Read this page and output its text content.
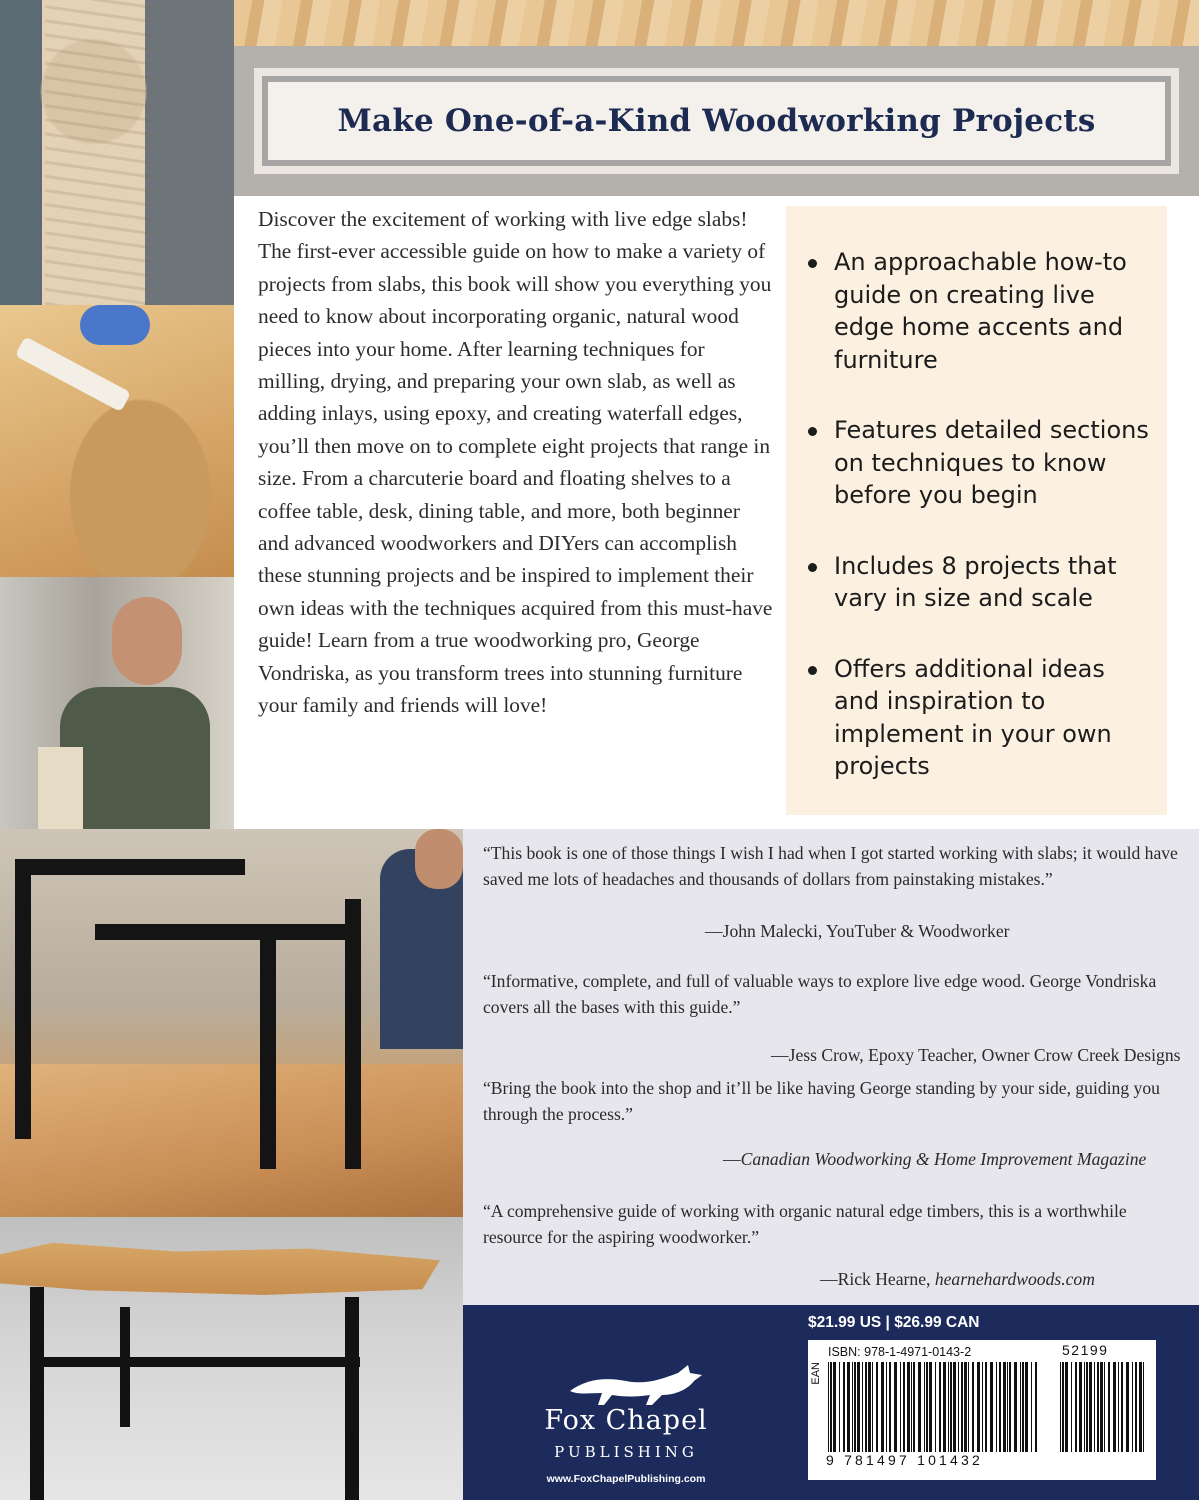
Make One-of-a-Kind Woodworking Projects

Discover the excitement of working with live edge slabs! The first-ever accessible guide on how to make a variety of projects from slabs, this book will show you everything you need to know about incorporating organic, natural wood pieces into your home. After learning techniques for milling, drying, and preparing your own slab, as well as adding inlays, using epoxy, and creating waterfall edges, you’ll then move on to complete eight projects that range in size. From a charcuterie board and floating shelves to a coffee table, desk, dining table, and more, both beginner and advanced woodworkers and DIYers can accomplish these stunning projects and be inspired to implement their own ideas with the techniques acquired from this must-have guide! Learn from a true woodworking pro, George Vondriska, as you transform trees into stunning furniture your family and friends will love!

An approachable how-to guide on creating live edge home accents and furniture
Features detailed sections on techniques to know before you begin
Includes 8 projects that vary in size and scale
Offers additional ideas and inspiration to implement in your own projects

“This book is one of those things I wish I had when I got started working with slabs; it would have saved me lots of headaches and thousands of dollars from painstaking mistakes.”

—John Malecki, YouTuber & Woodworker

“Informative, complete, and full of valuable ways to explore live edge wood. George Vondriska covers all the bases with this guide.”

—Jess Crow, Epoxy Teacher, Owner Crow Creek Designs

“Bring the book into the shop and it’ll be like having George standing by your side, guiding you through the process.”

—Canadian Woodworking & Home Improvement Magazine

“A comprehensive guide of working with organic natural edge timbers, this is a worthwhile resource for the aspiring woodworker.”

—Rick Hearne, hearnehardwoods.com
Fox Chapel
PUBLISHING
www.FoxChapelPublishing.com
$21.99 US | $26.99 CAN
EAN
ISBN: 978-1-4971-0143-2	52199
9 781497 101432
